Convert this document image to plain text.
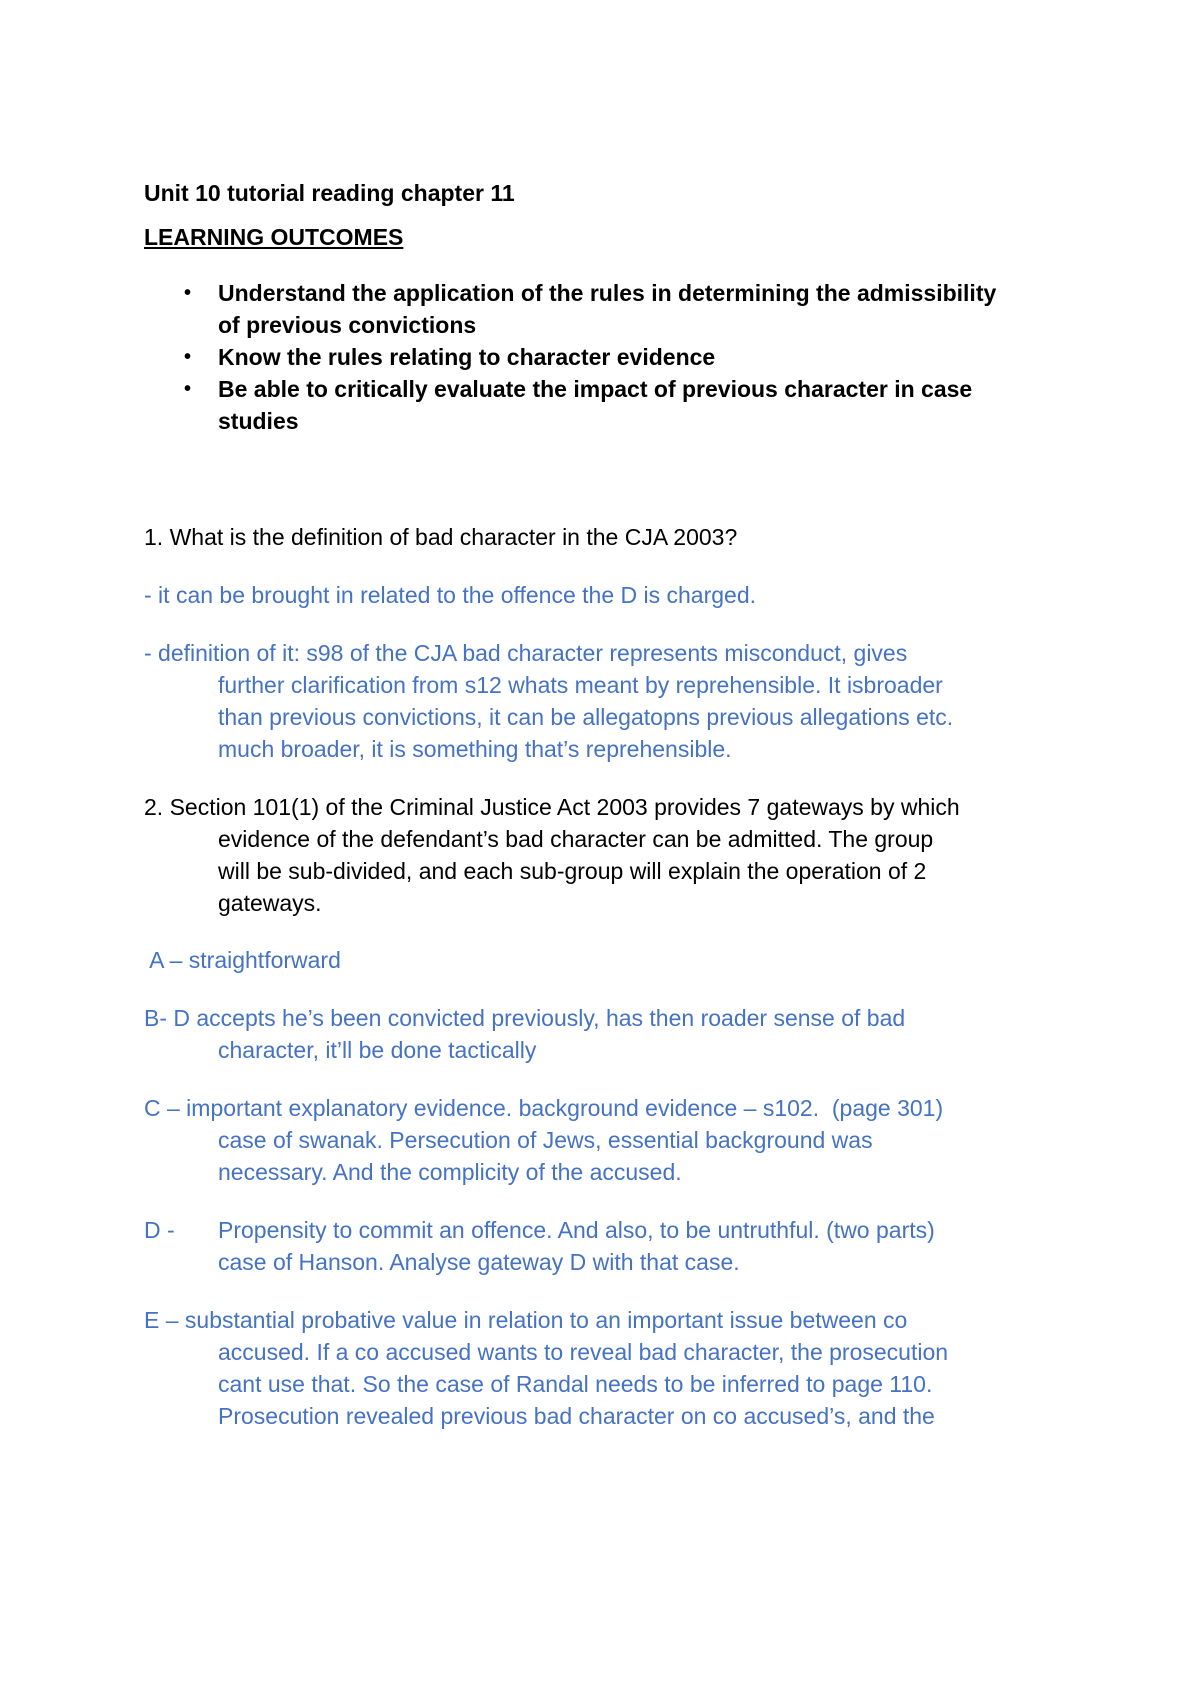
Unit 10 tutorial reading chapter 11
LEARNING OUTCOMES
• Understand the application of the rules in determining the admissibility
of previous convictions
• Know the rules relating to character evidence
• Be able to critically evaluate the impact of previous character in case
studies
1. What is the definition of bad character in the CJA 2003?
- it can be brought in related to the offence the D is charged.
- definition of it: s98 of the CJA bad character represents misconduct, gives
further clarification from s12 whats meant by reprehensible. It isbroader
than previous convictions, it can be allegatopns previous allegations etc.
much broader, it is something that’s reprehensible.
2. Section 101(1) of the Criminal Justice Act 2003 provides 7 gateways by which
evidence of the defendant’s bad character can be admitted. The group
will be sub-divided, and each sub-group will explain the operation of 2
gateways.
A – straightforward
B- D accepts he’s been convicted previously, has then roader sense of bad
character, it’ll be done tactically
C – important explanatory evidence. background evidence – s102.  (page 301)
case of swanak. Persecution of Jews, essential background was
necessary. And the complicity of the accused.
D - Propensity to commit an offence. And also, to be untruthful. (two parts)
case of Hanson. Analyse gateway D with that case.
E – substantial probative value in relation to an important issue between co
accused. If a co accused wants to reveal bad character, the prosecution
cant use that. So the case of Randal needs to be inferred to page 110.
Prosecution revealed previous bad character on co accused’s, and the
